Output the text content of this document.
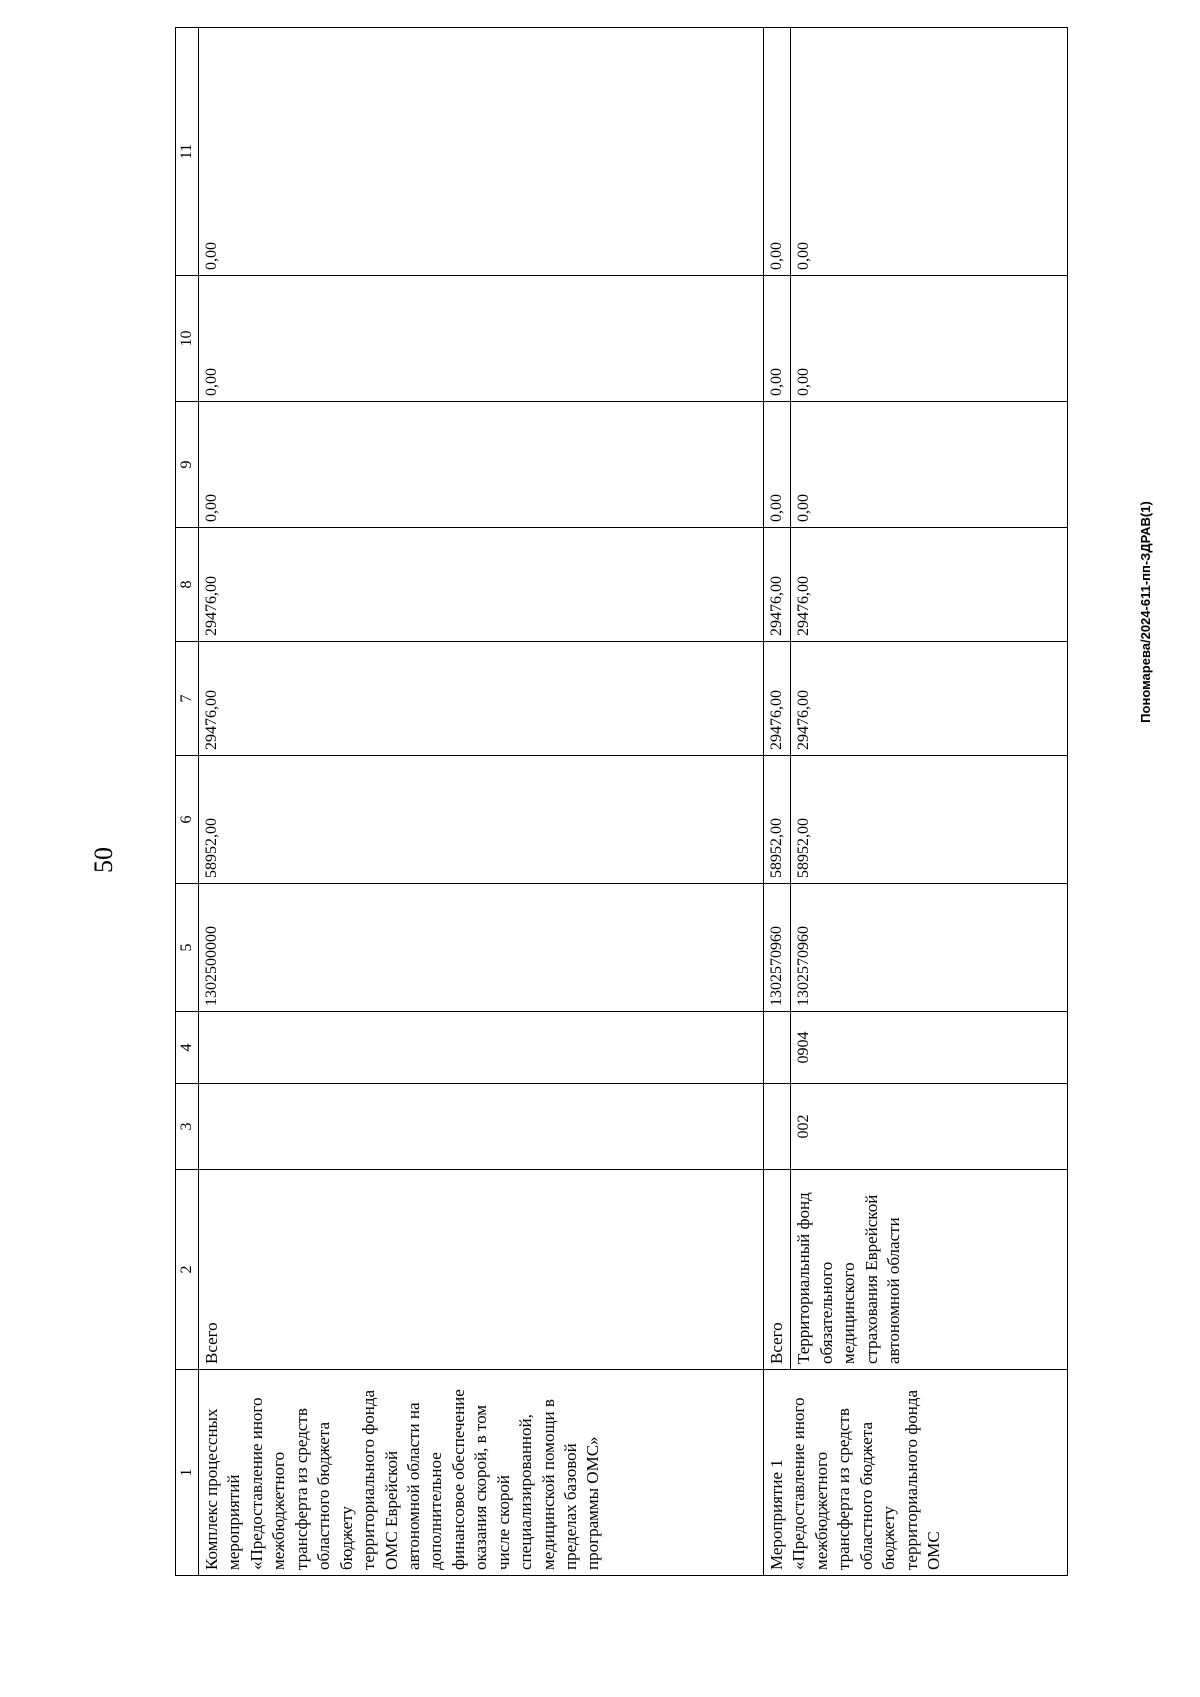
50
1	2	3	4	5	6	7	8	9	10	11
Комплекс процессных мероприятий «Предоставление иного межбюджетного трансферта из средств областного бюджета бюджету территориального фонда ОМС Еврейской автономной области на дополнительное финансовое обеспечение оказания скорой, в том числе скорой специализированной, медицинской помощи в пределах базовой программы ОМС»	Всего			1302500000	58952,00	29476,00	29476,00	0,00	0,00	0,00
Мероприятие 1 «Предоставление иного межбюджетного трансферта из средств областного бюджета бюджету территориального фонда ОМС	Всего			1302570960	58952,00	29476,00	29476,00	0,00	0,00	0,00
	Территориальный фонд обязательного медицинского страхования Еврейской автономной области	002	0904	1302570960	58952,00	29476,00	29476,00	0,00	0,00	0,00
Пономарева/2024-611-пп-ЗДРАВ(1)
